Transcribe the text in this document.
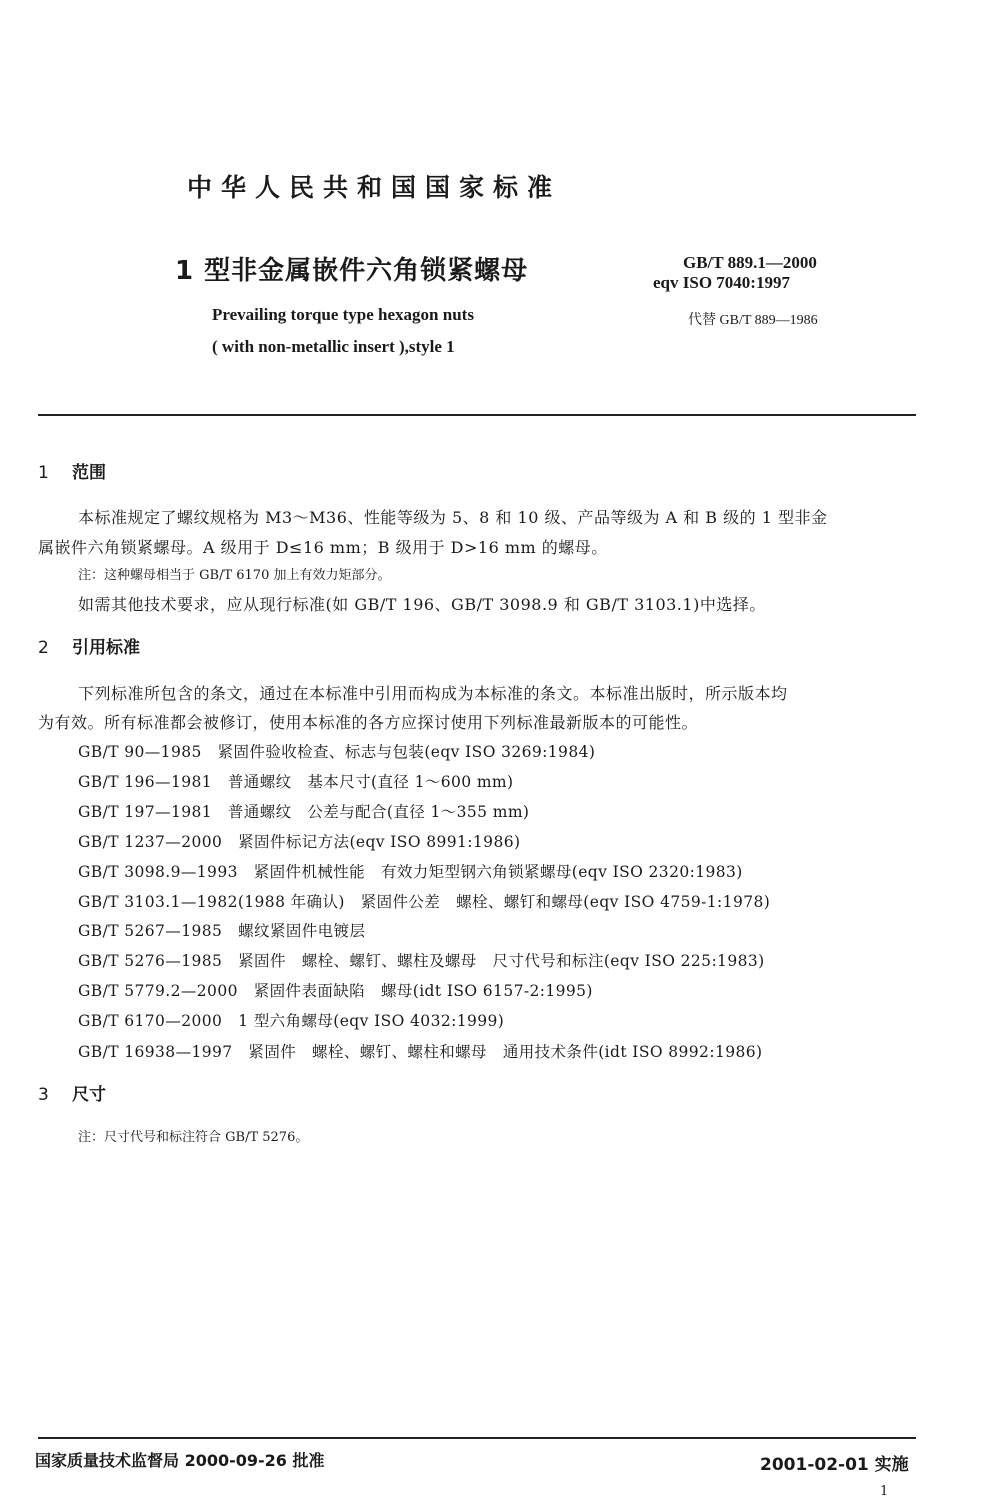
中华人民共和国国家标准
1 型非金属嵌件六角锁紧螺母
Prevailing torque type hexagon nuts
( with non-metallic insert ),style 1
GB/T 889.1—2000
eqv ISO 7040:1997
代替 GB/T 889—1986
1 范围
本标准规定了螺纹规格为 M3～M36、性能等级为 5、8 和 10 级、产品等级为 A 和 B 级的 1 型非金
属嵌件六角锁紧螺母。A 级用于 D≤16 mm；B 级用于 D>16 mm 的螺母。
注：这种螺母相当于 GB/T 6170 加上有效力矩部分。
如需其他技术要求，应从现行标准(如 GB/T 196、GB/T 3098.9 和 GB/T 3103.1)中选择。
2 引用标准
下列标准所包含的条文，通过在本标准中引用而构成为本标准的条文。本标准出版时，所示版本均
为有效。所有标准都会被修订，使用本标准的各方应探讨使用下列标准最新版本的可能性。
GB/T 90—1985　紧固件验收检查、标志与包装(eqv ISO 3269:1984)
GB/T 196—1981　普通螺纹　基本尺寸(直径 1～600 mm)
GB/T 197—1981　普通螺纹　公差与配合(直径 1～355 mm)
GB/T 1237—2000　紧固件标记方法(eqv ISO 8991:1986)
GB/T 3098.9—1993　紧固件机械性能　有效力矩型钢六角锁紧螺母(eqv ISO 2320:1983)
GB/T 3103.1—1982(1988 年确认)　紧固件公差　螺栓、螺钉和螺母(eqv ISO 4759-1:1978)
GB/T 5267—1985　螺纹紧固件电镀层
GB/T 5276—1985　紧固件　螺栓、螺钉、螺柱及螺母　尺寸代号和标注(eqv ISO 225:1983)
GB/T 5779.2—2000　紧固件表面缺陷　螺母(idt ISO 6157-2:1995)
GB/T 6170—2000　1 型六角螺母(eqv ISO 4032:1999)
GB/T 16938—1997　紧固件　螺栓、螺钉、螺柱和螺母　通用技术条件(idt ISO 8992:1986)
3 尺寸
注：尺寸代号和标注符合 GB/T 5276。
国家质量技术监督局 2000-09-26 批准	2001-02-01 实施
1
